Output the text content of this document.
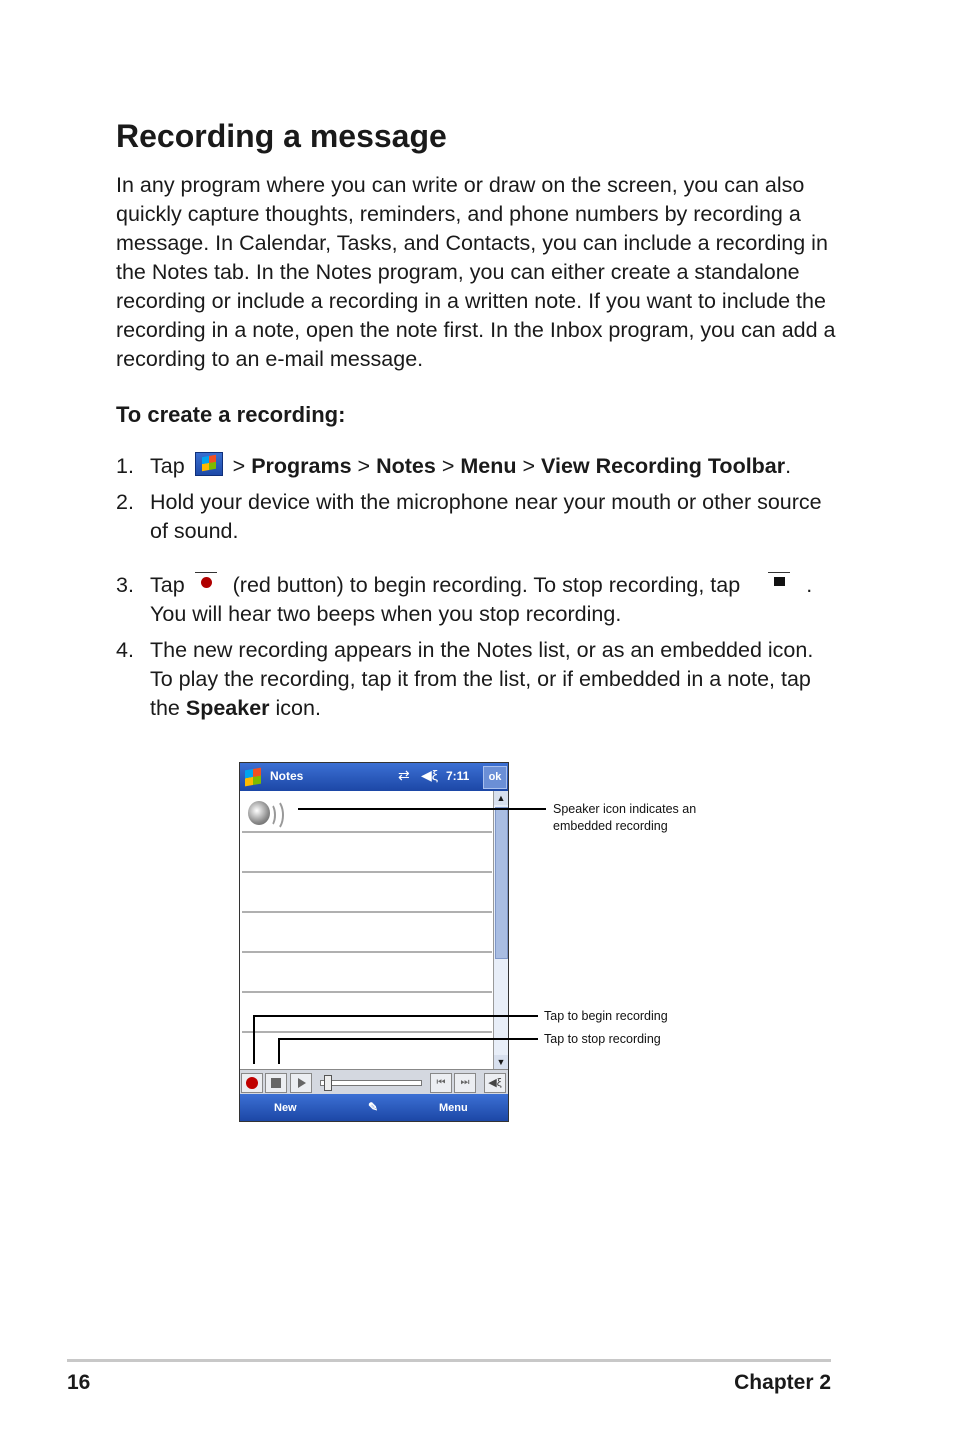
Recording a message

In any program where you can write or draw on the screen, you can also quickly capture thoughts, reminders, and phone numbers by recording a message. In Calendar, Tasks, and Contacts, you can include a recording in the Notes tab. In the Notes program, you can either create a standalone recording or include a recording in a written note. If you want to include the recording in a note, open the note first. In the Inbox program, you can add a recording to an e-mail message.

To create a recording:
1. Tap > Programs > Notes > Menu > View Recording Toolbar.
2. Hold your device with the microphone near your mouth or other source of sound.
3. Tap (red button) to begin recording. To stop recording, tap	.
You will hear two beeps when you stop recording.
4. The new recording appears in the Notes list, or as an embedded icon. To play the recording, tap it from the list, or if embedded in a note, tap the Speaker icon.
Notes	⇄ ◀ξ 7:11	ok
▲
▼
⏮	⏭	◀ξ
New	✎	Menu
Speaker icon indicates an
embedded recording
Tap to begin recording
Tap to stop recording
16	Chapter 2
